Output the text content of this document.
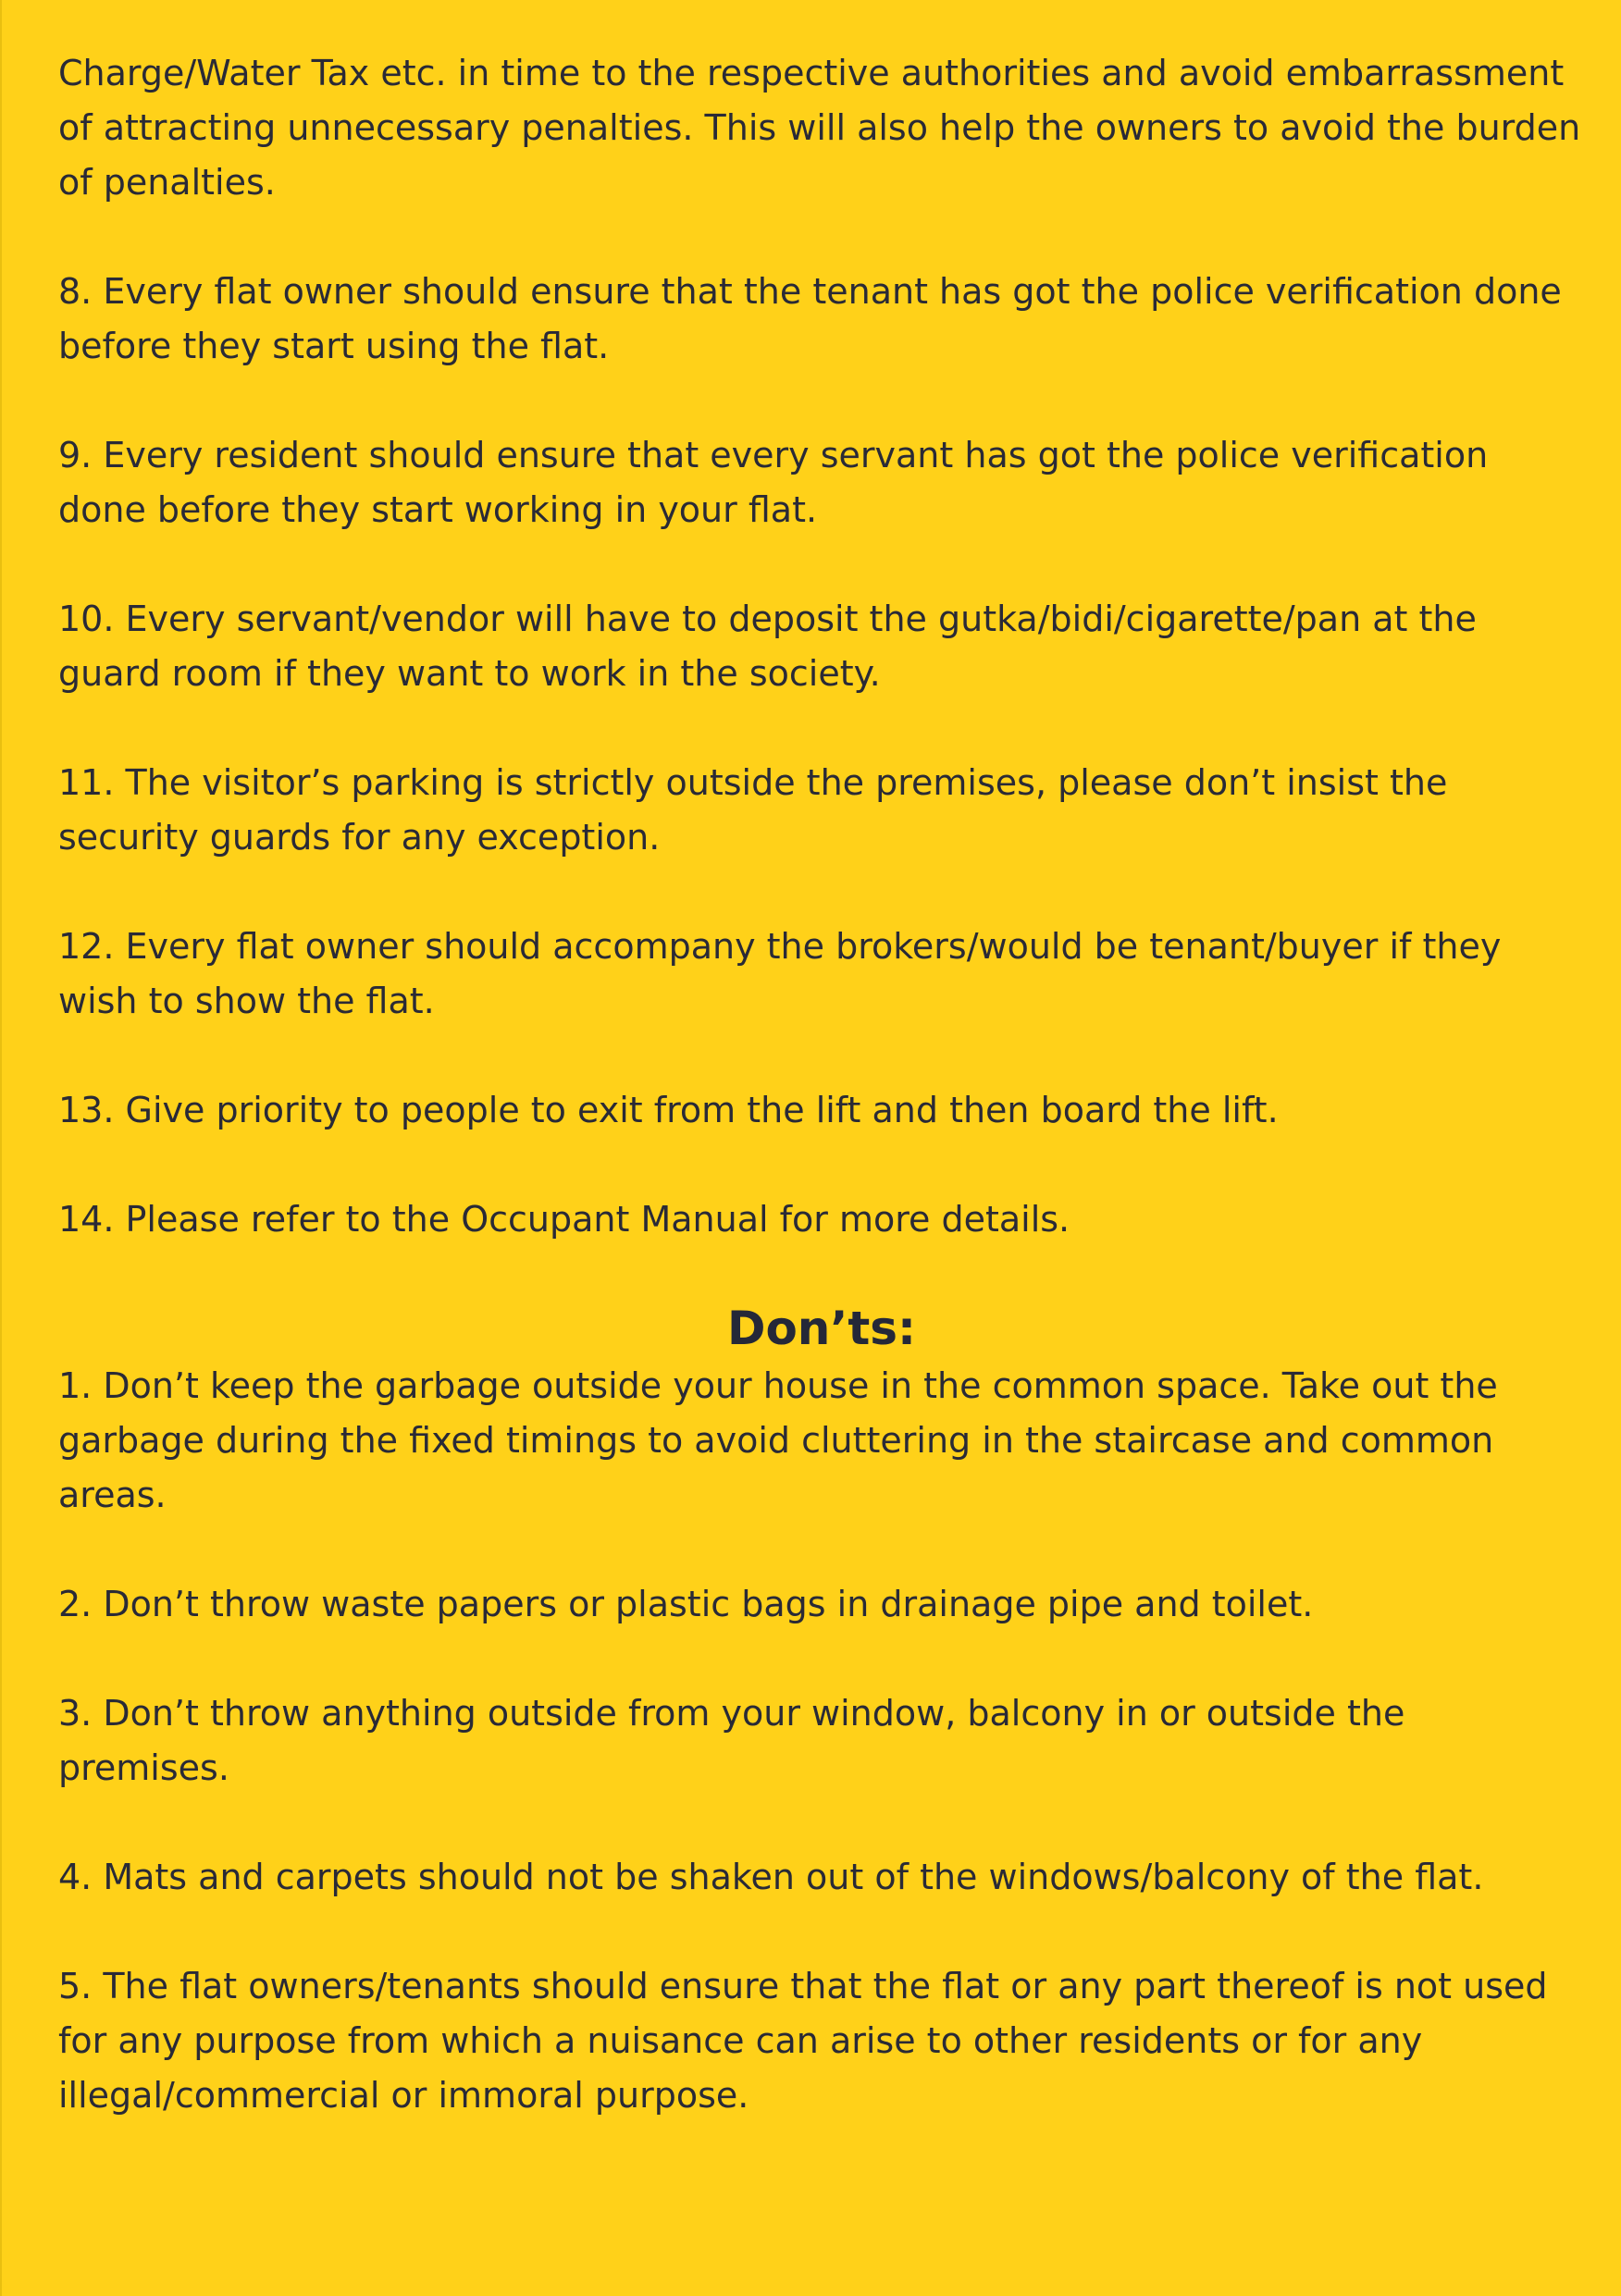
Charge/Water Tax etc. in time to the respective authorities and avoid embarrassment of attracting unnecessary penalties. This will also help the owners to avoid the burden of penalties.

8. Every flat owner should ensure that the tenant has got the police verification done before they start using the flat.

9. Every resident should ensure that every servant has got the police verification done before they start working in your flat.

10. Every servant/vendor will have to deposit the gutka/bidi/cigarette/pan at the guard room if they want to work in the society.

11. The visitor’s parking is strictly outside the premises, please don’t insist the security guards for any exception.

12. Every flat owner should accompany the brokers/would be tenant/buyer if they wish to show the flat.

13. Give priority to people to exit from the lift and then board the lift.

14. Please refer to the Occupant Manual for more details.

Don’ts:

1. Don’t keep the garbage outside your house in the common space. Take out the garbage during the fixed timings to avoid cluttering in the staircase and common areas.

2. Don’t throw waste papers or plastic bags in drainage pipe and toilet.

3. Don’t throw anything outside from your window, balcony in or outside the premises.

4. Mats and carpets should not be shaken out of the windows/balcony of the flat.

5. The flat owners/tenants should ensure that the flat or any part thereof is not used for any purpose from which a nuisance can arise to other residents or for any illegal/commercial or immoral purpose.
